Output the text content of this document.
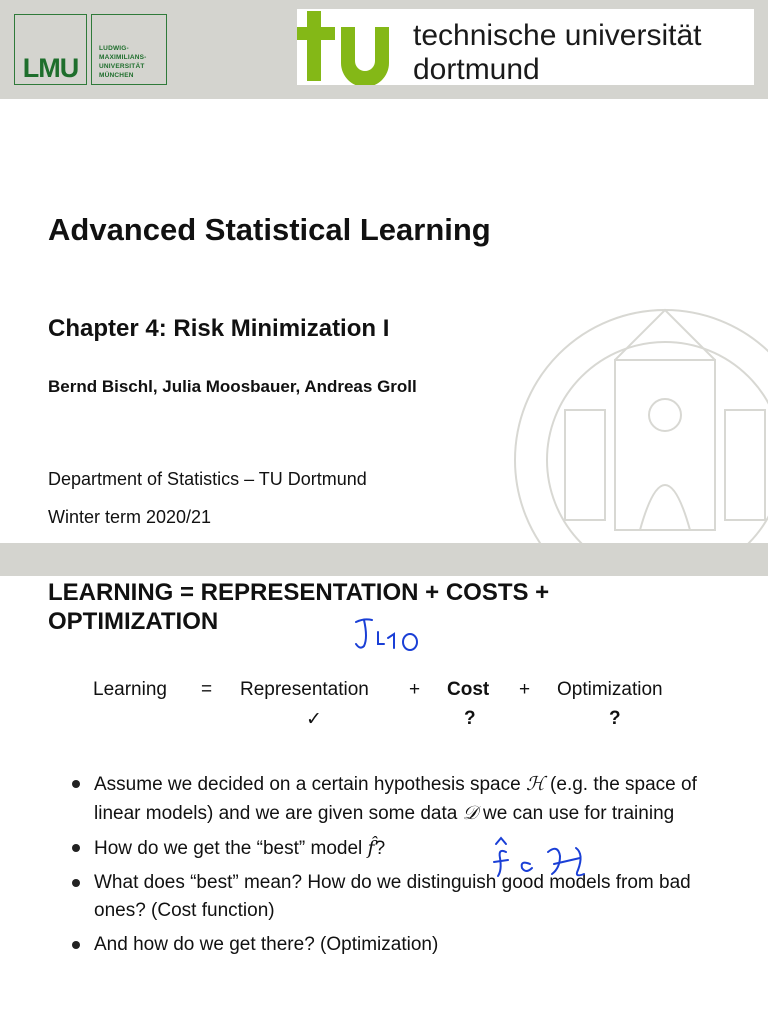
LMU
LUDWIG-
MAXIMILIANS-
UNIVERSITÄT
MÜNCHEN
technische universität
dortmund
Advanced Statistical Learning
Chapter 4: Risk Minimization I
Bernd Bischl, Julia Moosbauer, Andreas Groll
Department of Statistics – TU Dortmund
Winter term 2020/21
LEARNING = REPRESENTATION + COSTS +
OPTIMIZATION
Learning = Representation + Cost + Optimization
✓	?	?

Assume we decided on a certain hypothesis space ℋ (e.g. the space of linear models) and we are given some data 𝒟 we can use for training

How do we get the “best” model f̂?

What does “best” mean? How do we distinguish good models from bad ones? (Cost function)

And how do we get there? (Optimization)
